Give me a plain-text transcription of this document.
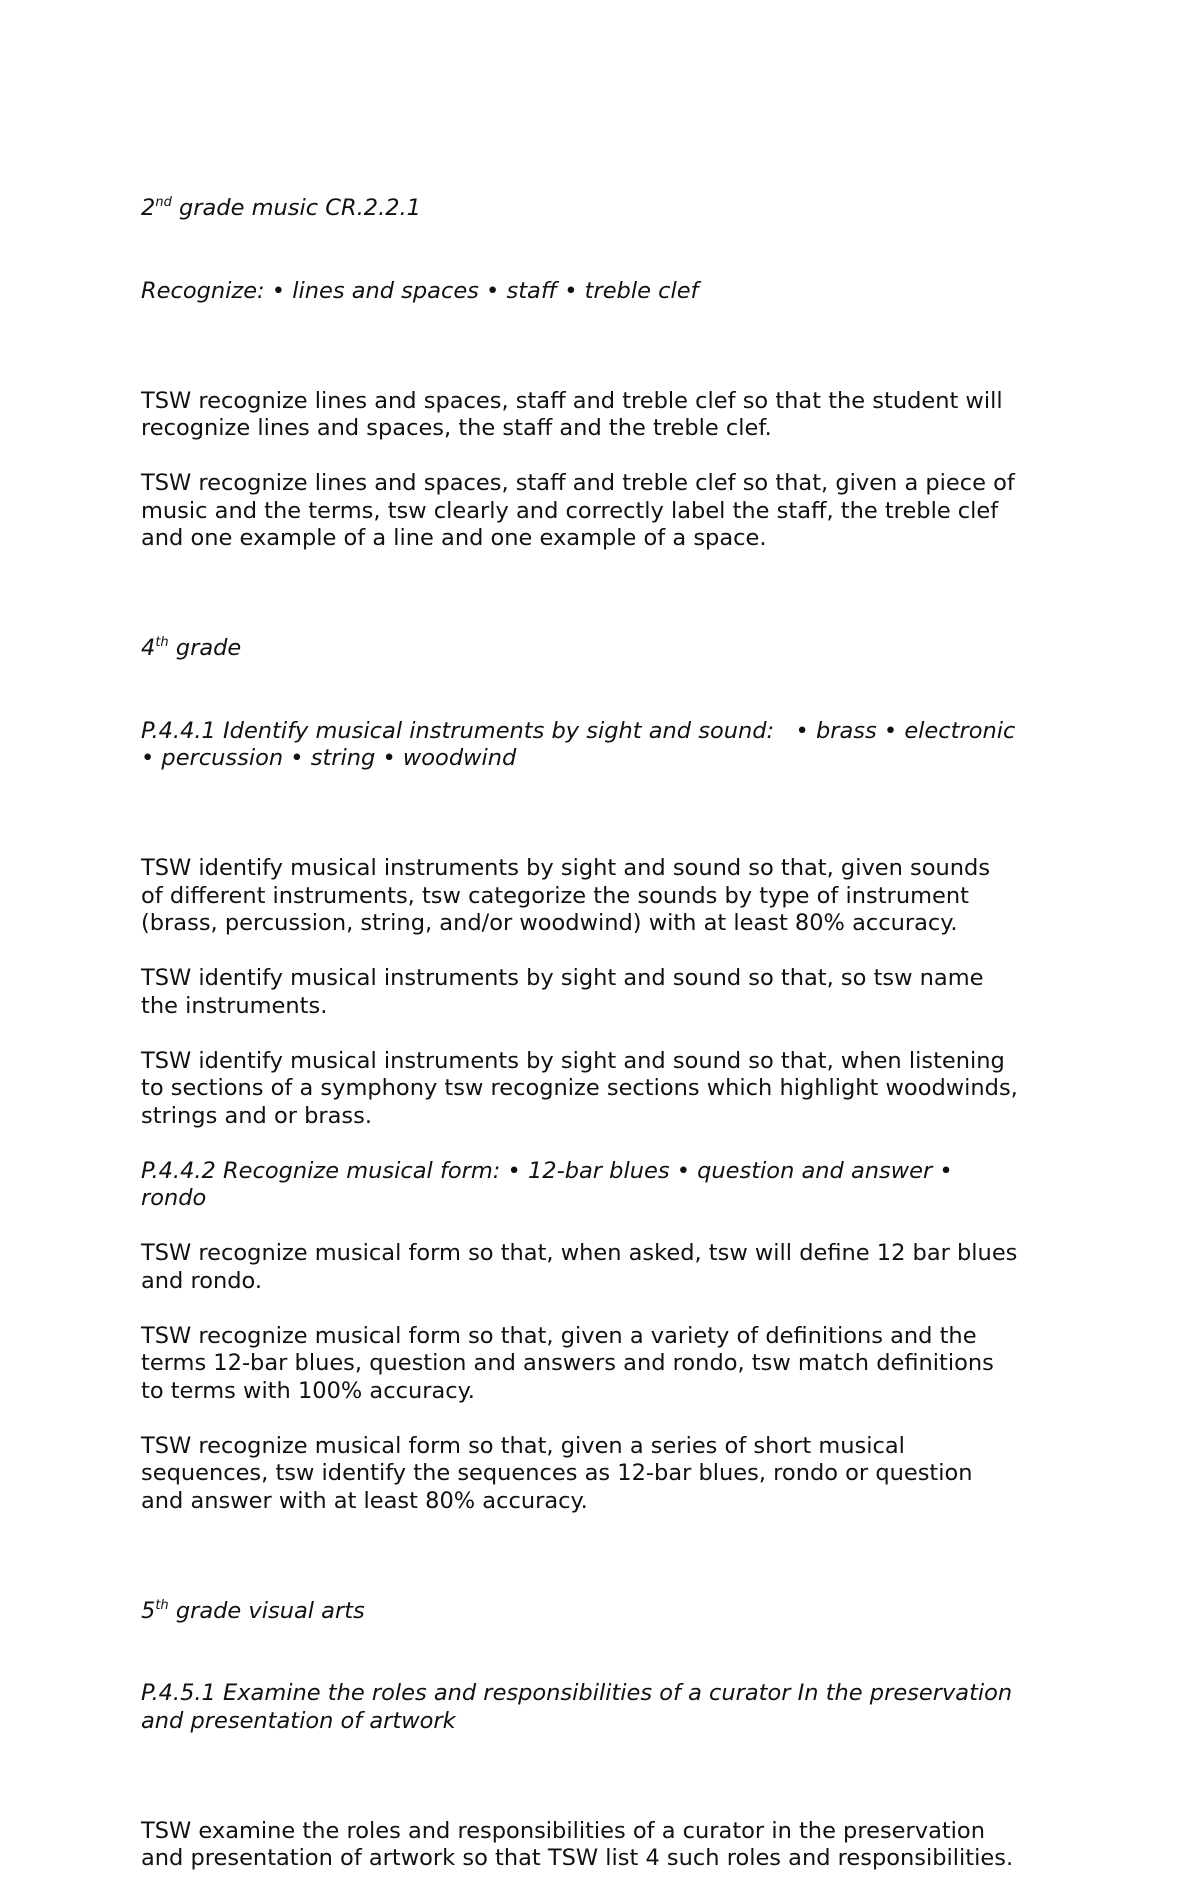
2nd grade music CR.2.2.1

Recognize: • lines and spaces • staff • treble clef

TSW recognize lines and spaces, staff and treble clef so that the student will
recognize lines and spaces, the staff and the treble clef.
TSW recognize lines and spaces, staff and treble clef so that, given a piece of
music and the terms, tsw clearly and correctly label the staff, the treble clef
and one example of a line and one example of a space.

4th grade

P.4.4.1 Identify musical instruments by sight and sound:   • brass • electronic
• percussion • string • woodwind

TSW identify musical instruments by sight and sound so that, given sounds
of different instruments, tsw categorize the sounds by type of instrument
(brass, percussion, string, and/or woodwind) with at least 80% accuracy.
TSW identify musical instruments by sight and sound so that, so tsw name
the instruments.
TSW identify musical instruments by sight and sound so that, when listening
to sections of a symphony tsw recognize sections which highlight woodwinds,
strings and or brass.
P.4.4.2 Recognize musical form: • 12-bar blues • question and answer •
rondo
TSW recognize musical form so that, when asked, tsw will define 12 bar blues
and rondo.
TSW recognize musical form so that, given a variety of definitions and the
terms 12-bar blues, question and answers and rondo, tsw match definitions
to terms with 100% accuracy.
TSW recognize musical form so that, given a series of short musical
sequences, tsw identify the sequences as 12-bar blues, rondo or question
and answer with at least 80% accuracy.

5th grade visual arts

P.4.5.1 Examine the roles and responsibilities of a curator In the preservation
and presentation of artwork

TSW examine the roles and responsibilities of a curator in the preservation
and presentation of artwork so that TSW list 4 such roles and responsibilities.
